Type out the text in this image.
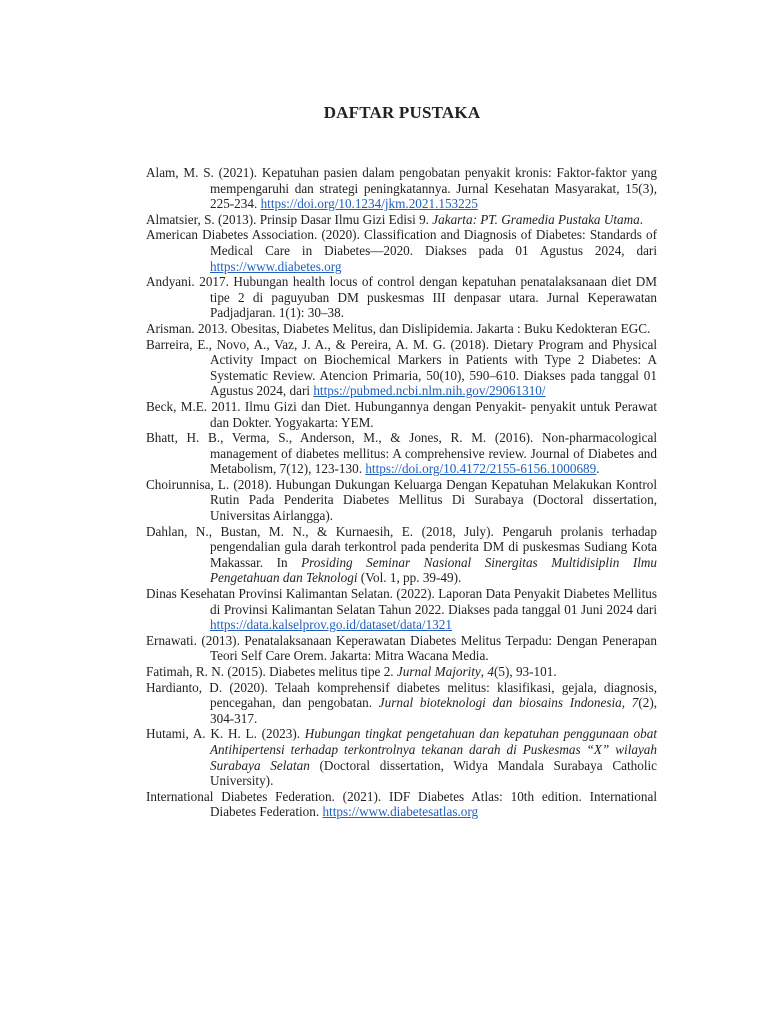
DAFTAR PUSTAKA

Alam, M. S. (2021). Kepatuhan pasien dalam pengobatan penyakit kronis: Faktor-faktor yang mempengaruhi dan strategi peningkatannya. Jurnal Kesehatan Masyarakat, 15(3), 225-234. https://doi.org/10.1234/jkm.2021.153225

Almatsier, S. (2013). Prinsip Dasar Ilmu Gizi Edisi 9. Jakarta: PT. Gramedia Pustaka Utama.

American Diabetes Association. (2020). Classification and Diagnosis of Diabetes: Standards of Medical Care in Diabetes—2020. Diakses pada 01 Agustus 2024, dari https://www.diabetes.org

Andyani. 2017. Hubungan health locus of control dengan kepatuhan penatalaksanaan diet DM tipe 2 di paguyuban DM puskesmas III denpasar utara. Jurnal Keperawatan Padjadjaran. 1(1): 30–38.

Arisman. 2013. Obesitas, Diabetes Melitus, dan Dislipidemia. Jakarta : Buku Kedokteran EGC.

Barreira, E., Novo, A., Vaz, J. A., & Pereira, A. M. G. (2018). Dietary Program and Physical Activity Impact on Biochemical Markers in Patients with Type 2 Diabetes: A Systematic Review. Atencion Primaria, 50(10), 590–610. Diakses pada tanggal 01 Agustus 2024, dari https://pubmed.ncbi.nlm.nih.gov/29061310/

Beck, M.E. 2011. Ilmu Gizi dan Diet. Hubungannya dengan Penyakit- penyakit untuk Perawat dan Dokter. Yogyakarta: YEM.

Bhatt, H. B., Verma, S., Anderson, M., & Jones, R. M. (2016). Non-pharmacological management of diabetes mellitus: A comprehensive review. Journal of Diabetes and Metabolism, 7(12), 123-130. https://doi.org/10.4172/2155-6156.1000689.

Choirunnisa, L. (2018). Hubungan Dukungan Keluarga Dengan Kepatuhan Melakukan Kontrol Rutin Pada Penderita Diabetes Mellitus Di Surabaya (Doctoral dissertation, Universitas Airlangga).

Dahlan, N., Bustan, M. N., & Kurnaesih, E. (2018, July). Pengaruh prolanis terhadap pengendalian gula darah terkontrol pada penderita DM di puskesmas Sudiang Kota Makassar. In Prosiding Seminar Nasional Sinergitas Multidisiplin Ilmu Pengetahuan dan Teknologi (Vol. 1, pp. 39-49).

Dinas Kesehatan Provinsi Kalimantan Selatan. (2022). Laporan Data Penyakit Diabetes Mellitus di Provinsi Kalimantan Selatan Tahun 2022. Diakses pada tanggal 01 Juni 2024 dari https://data.kalselprov.go.id/dataset/data/1321

Ernawati. (2013). Penatalaksanaan Keperawatan Diabetes Melitus Terpadu: Dengan Penerapan Teori Self Care Orem. Jakarta: Mitra Wacana Media.

Fatimah, R. N. (2015). Diabetes melitus tipe 2. Jurnal Majority, 4(5), 93-101.

Hardianto, D. (2020). Telaah komprehensif diabetes melitus: klasifikasi, gejala, diagnosis, pencegahan, dan pengobatan. Jurnal bioteknologi dan biosains Indonesia, 7(2), 304-317.

Hutami, A. K. H. L. (2023). Hubungan tingkat pengetahuan dan kepatuhan penggunaan obat Antihipertensi terhadap terkontrolnya tekanan darah di Puskesmas “X” wilayah Surabaya Selatan (Doctoral dissertation, Widya Mandala Surabaya Catholic University).

International Diabetes Federation. (2021). IDF Diabetes Atlas: 10th edition. International Diabetes Federation. https://www.diabetesatlas.org
